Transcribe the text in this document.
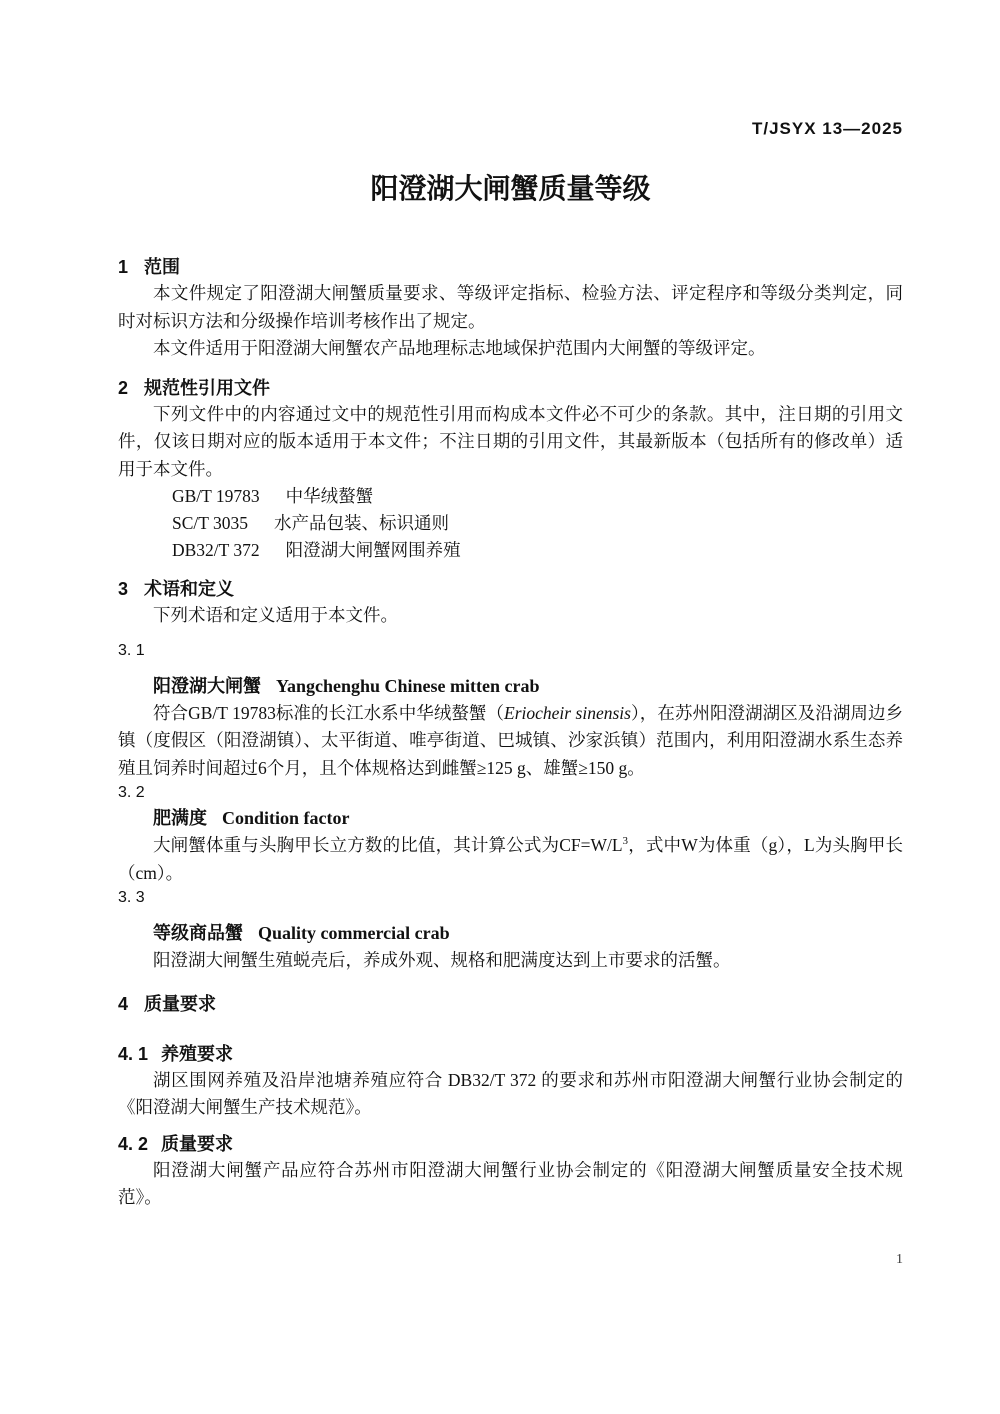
T/JSYX 13—2025
阳澄湖大闸蟹质量等级
1 范围

本文件规定了阳澄湖大闸蟹质量要求、等级评定指标、检验方法、评定程序和等级分类判定，同时对标识方法和分级操作培训考核作出了规定。

本文件适用于阳澄湖大闸蟹农产品地理标志地域保护范围内大闸蟹的等级评定。

2 规范性引用文件

下列文件中的内容通过文中的规范性引用而构成本文件必不可少的条款。其中，注日期的引用文件，仅该日期对应的版本适用于本文件；不注日期的引用文件，其最新版本（包括所有的修改单）适用于本文件。

GB/T 19783 中华绒螯蟹
SC/T 3035 水产品包装、标识通则
DB32/T 372 阳澄湖大闸蟹网围养殖
3 术语和定义

下列术语和定义适用于本文件。

3. 1
阳澄湖大闸蟹 Yangchenghu Chinese mitten crab

符合GB/T 19783标准的长江水系中华绒螯蟹（Eriocheir sinensis），在苏州阳澄湖湖区及沿湖周边乡镇（度假区（阳澄湖镇）、太平街道、唯亭街道、巴城镇、沙家浜镇）范围内，利用阳澄湖水系生态养殖且饲养时间超过6个月，且个体规格达到雌蟹≥125 g、雄蟹≥150 g。

3. 2
肥满度 Condition factor

大闸蟹体重与头胸甲长立方数的比值，其计算公式为$CF=W/L^3$，式中W为体重（g），L为头胸甲长（cm）。

3. 3
等级商品蟹 Quality commercial crab

阳澄湖大闸蟹生殖蜕壳后，养成外观、规格和肥满度达到上市要求的活蟹。

4 质量要求
4. 1 养殖要求

湖区围网养殖及沿岸池塘养殖应符合 DB32/T 372 的要求和苏州市阳澄湖大闸蟹行业协会制定的《阳澄湖大闸蟹生产技术规范》。

4. 2 质量要求

阳澄湖大闸蟹产品应符合苏州市阳澄湖大闸蟹行业协会制定的《阳澄湖大闸蟹质量安全技术规范》。

1
